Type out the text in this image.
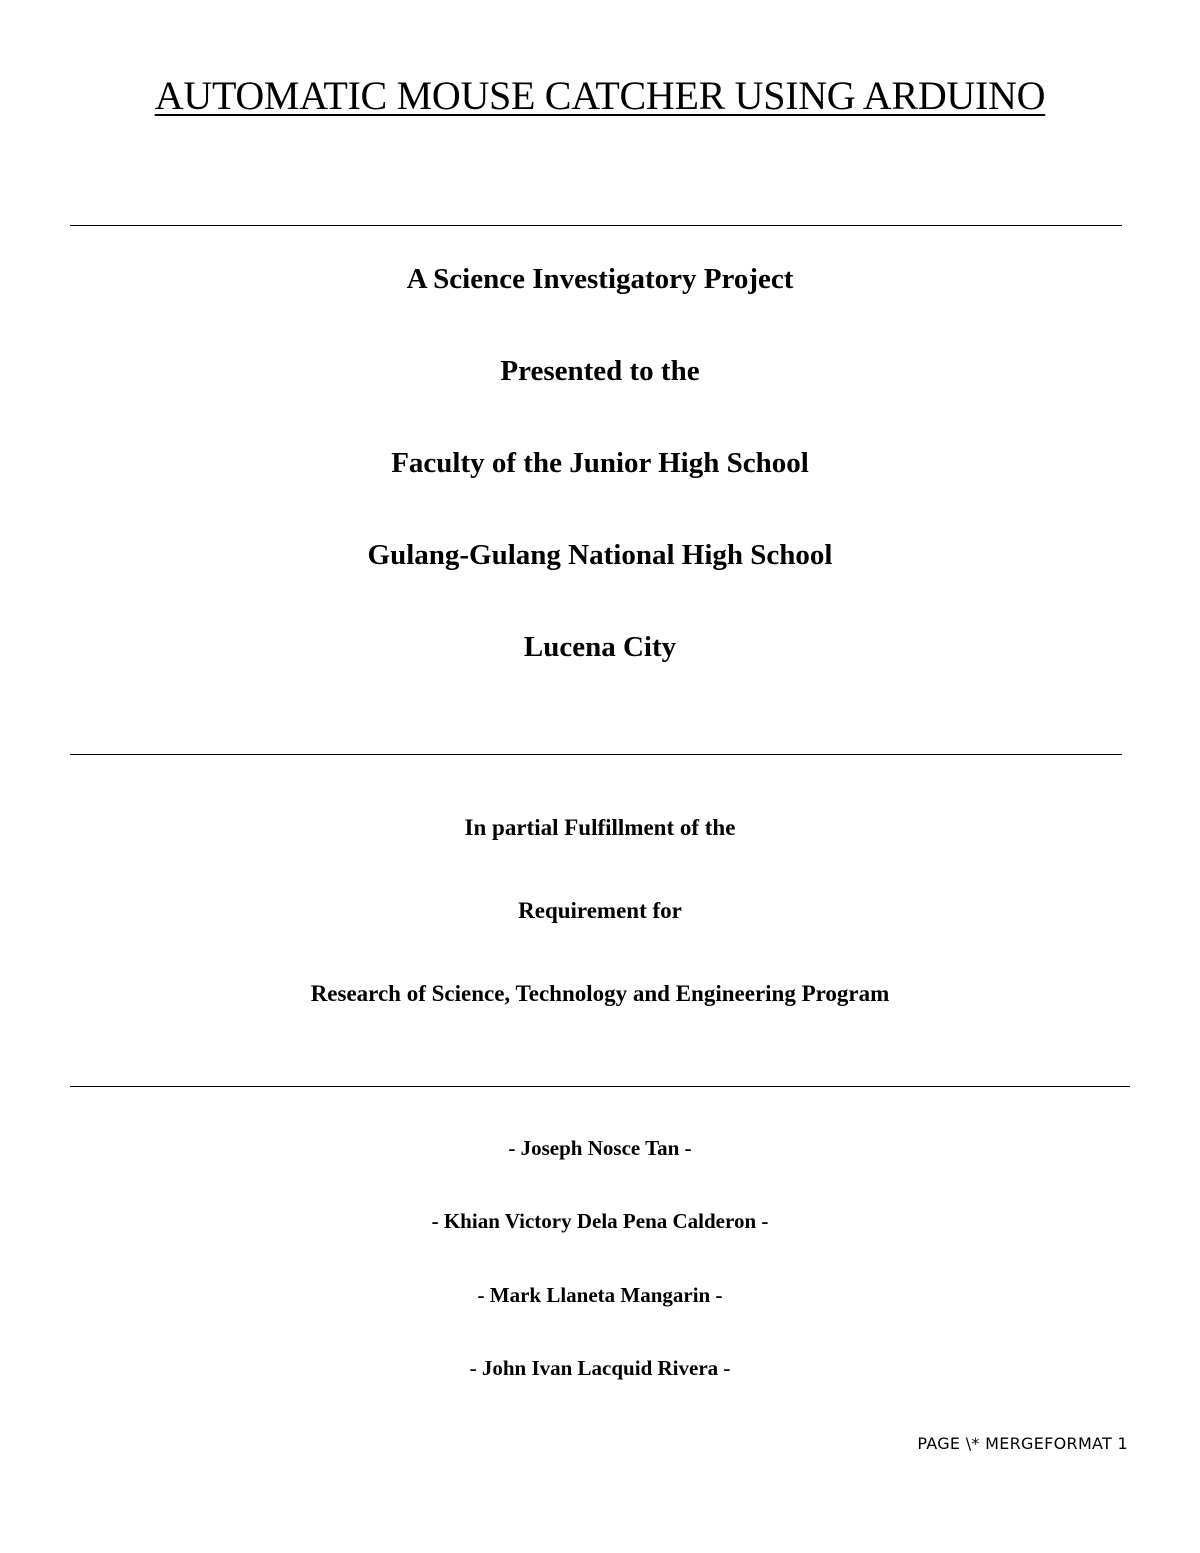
AUTOMATIC MOUSE CATCHER USING ARDUINO
A Science Investigatory Project
Presented to the
Faculty of the Junior High School
Gulang-Gulang National High School
Lucena City
In partial Fulfillment of the
Requirement for
Research of Science, Technology and Engineering Program
- Joseph Nosce Tan -
- Khian Victory Dela Pena Calderon -
- Mark Llaneta Mangarin -
- John Ivan Lacquid Rivera -
PAGE \* MERGEFORMAT 1
